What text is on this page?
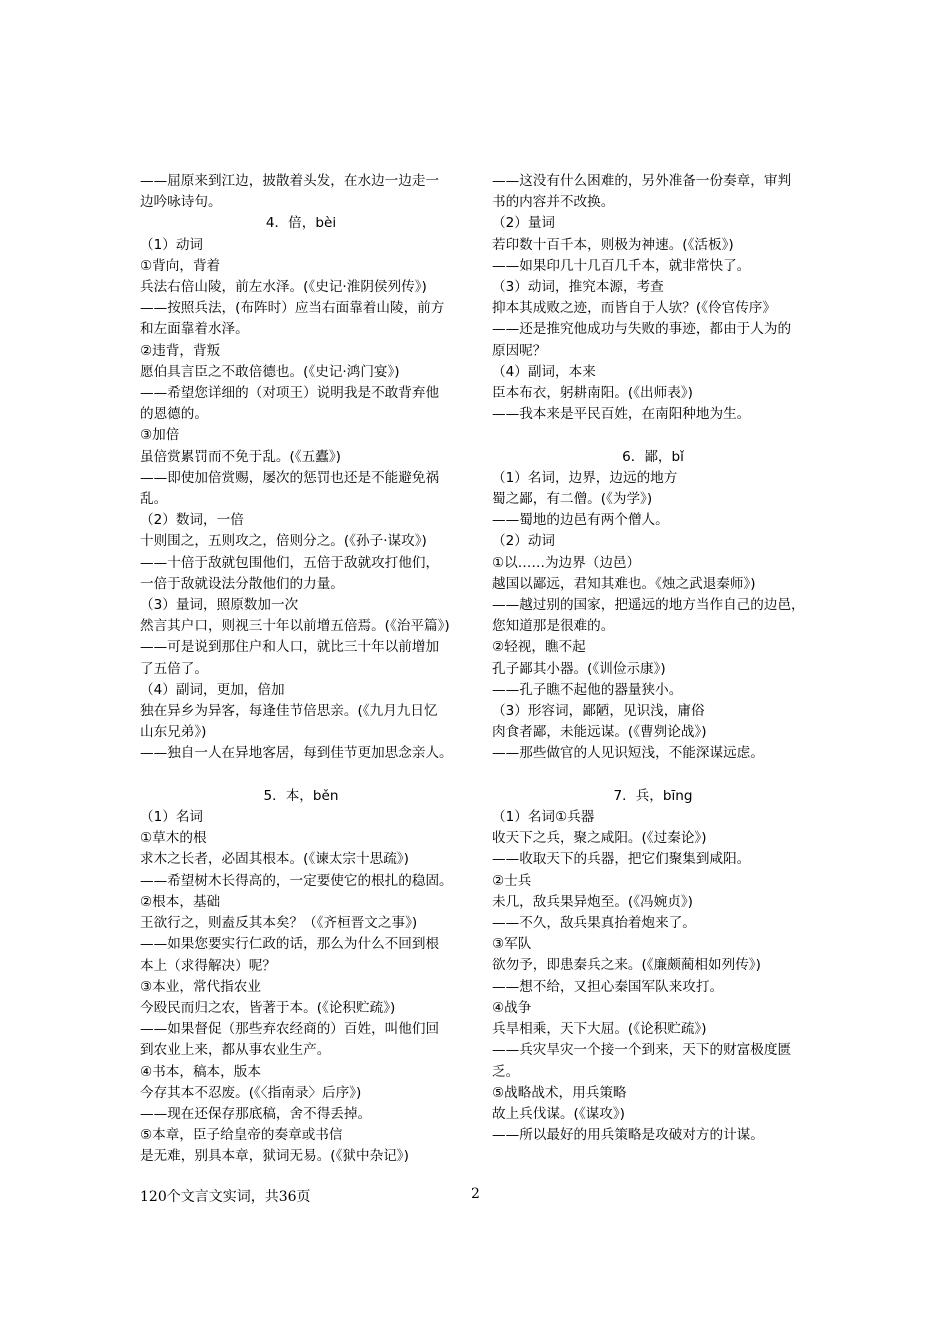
——屈原来到江边，披散着头发，在水边一边走一
边吟咏诗句。
4．倍，bèi
（1）动词
①背向，背着
兵法右倍山陵，前左水泽。(《史记·淮阴侯列传》)
——按照兵法，(布阵时）应当右面靠着山陵，前方
和左面靠着水泽。
②违背，背叛
愿伯具言臣之不敢倍德也。(《史记·鸿门宴》)
——希望您详细的（对项王）说明我是不敢背弃他
的恩德的。
③加倍
虽倍赏累罚而不免于乱。(《五蠹》)
——即使加倍赏赐，屡次的惩罚也还是不能避免祸
乱。
（2）数词，一倍
十则围之，五则攻之，倍则分之。(《孙子·谋攻》)
——十倍于敌就包围他们，五倍于敌就攻打他们，
一倍于敌就设法分散他们的力量。
（3）量词，照原数加一次
然言其户口，则视三十年以前增五倍焉。(《治平篇》)
——可是说到那住户和人口，就比三十年以前增加
了五倍了。
（4）副词，更加，倍加
独在异乡为异客，每逢佳节倍思亲。(《九月九日忆
山东兄弟》)
——独自一人在异地客居，每到佳节更加思念亲人。
5．本，běn
（1）名词
①草木的根
求木之长者，必固其根本。(《谏太宗十思疏》)
——希望树木长得高的，一定要使它的根扎的稳固。
②根本，基础
王欲行之，则盍反其本矣？（《齐桓晋文之事》)
——如果您要实行仁政的话，那么为什么不回到根
本上（求得解决）呢？
③本业，常代指农业
今殴民而归之农，皆著于本。(《论积贮疏》)
——如果督促（那些弃农经商的）百姓，叫他们回
到农业上来，都从事农业生产。
④书本，稿本，版本
今存其本不忍废。(《〈指南录〉后序》)
——现在还保存那底稿，舍不得丢掉。
⑤本章，臣子给皇帝的奏章或书信
是无难，别具本章，狱词无易。(《狱中杂记》)
——这没有什么困难的，另外准备一份奏章，审判
书的内容并不改换。
（2）量词
若印数十百千本，则极为神速。(《活板》)
——如果印几十几百几千本，就非常快了。
（3）动词，推究本源，考查
抑本其成败之迹，而皆自于人欤？(《伶官传序》
——还是推究他成功与失败的事迹，都由于人为的
原因呢？
（4）副词，本来
臣本布衣，躬耕南阳。(《出师表》)
——我本来是平民百姓，在南阳种地为生。
6．鄙，bǐ
（1）名词，边界，边远的地方
蜀之鄙，有二僧。(《为学》)
——蜀地的边邑有两个僧人。
（2）动词
①以……为边界（边邑）
越国以鄙远，君知其难也。《烛之武退秦师》)
——越过别的国家，把遥远的地方当作自己的边邑，
您知道那是很难的。
②轻视，瞧不起
孔子鄙其小器。(《训俭示康》)
——孔子瞧不起他的器量狭小。
（3）形容词，鄙陋，见识浅，庸俗
肉食者鄙，未能远谋。(《曹刿论战》)
——那些做官的人见识短浅，不能深谋远虑。
7．兵，bīng
（1）名词①兵器
收天下之兵，聚之咸阳。(《过秦论》)
——收取天下的兵器，把它们聚集到咸阳。
②士兵
未几，敌兵果异炮至。(《冯婉贞》)
——不久，敌兵果真抬着炮来了。
③军队
欲勿予，即患秦兵之来。(《廉颇蔺相如列传》)
——想不给，又担心秦国军队来攻打。
④战争
兵旱相乘，天下大屈。(《论积贮疏》)
——兵灾旱灾一个接一个到来，天下的财富极度匮
乏。
⑤战略战术，用兵策略
故上兵伐谋。(《谋攻》)
——所以最好的用兵策略是攻破对方的计谋。
120个文言文实词，共36页	2
